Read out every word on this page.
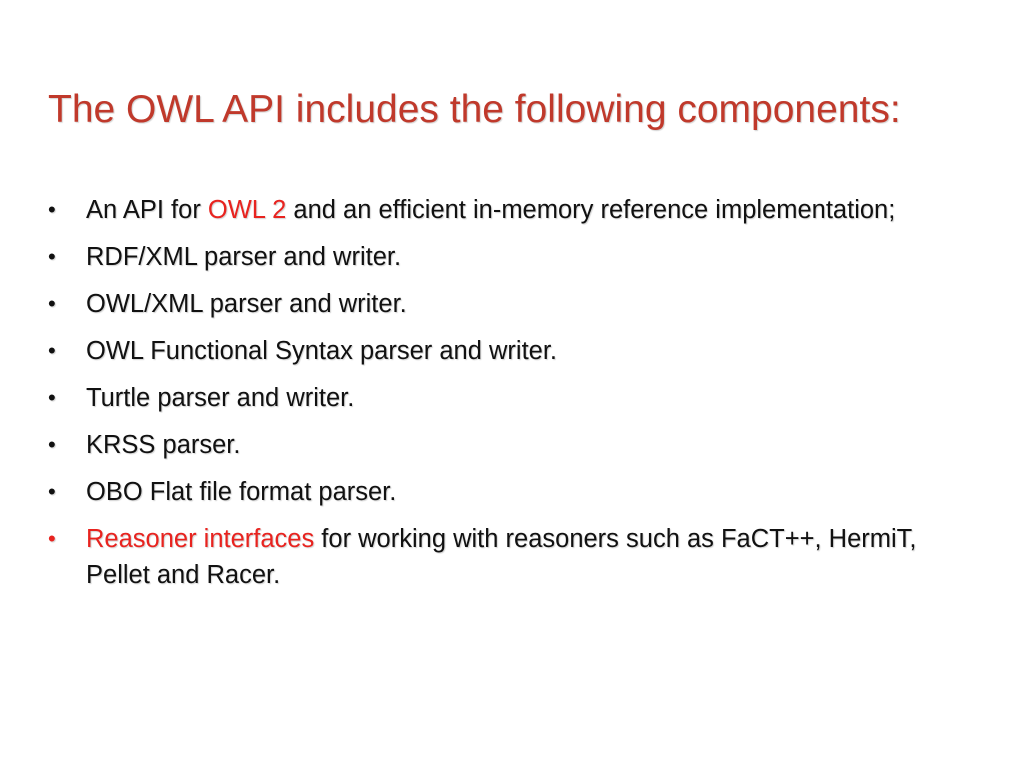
The OWL API includes the following components:
•	An API for OWL 2 and an efficient in-memory reference implementation;
•	RDF/XML parser and writer.
•	OWL/XML parser and writer.
•	OWL Functional Syntax parser and writer.
•	Turtle parser and writer.
•	KRSS parser.
•	OBO Flat file format parser.
•	Reasoner interfaces for working with reasoners such as FaCT++, HermiT, Pellet and Racer.
